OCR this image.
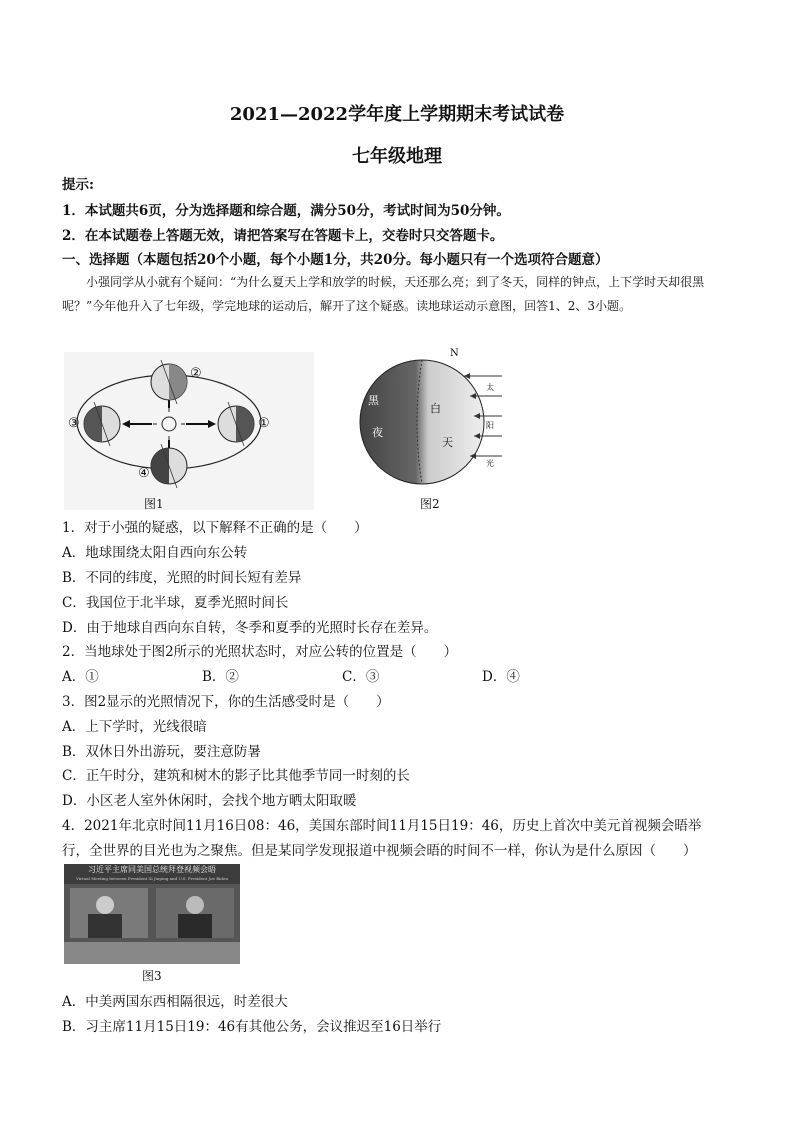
2021—2022学年度上学期期末考试试卷
七年级地理
提示:
1．本试题共6页，分为选择题和综合题，满分50分，考试时间为50分钟。
2．在本试题卷上答题无效，请把答案写在答题卡上，交卷时只交答题卡。
一、选择题（本题包括20个小题，每个小题1分，共20分。每小题只有一个选项符合题意）
小强同学从小就有个疑问：“为什么夏天上学和放学的时候，天还那么亮；到了冬天，同样的钟点，上下学时天却很黑呢？”今年他升入了七年级，学完地球的运动后，解开了这个疑惑。读地球运动示意图，回答1、2、3小题。
③
②
①
④
图1
N
黑
夜
白
天
太
阳
光
图2
1．对于小强的疑惑，以下解释不正确的是（　　）
A．地球围绕太阳自西向东公转
B．不同的纬度，光照的时间长短有差异
C．我国位于北半球，夏季光照时间长
D．由于地球自西向东自转，冬季和夏季的光照时长存在差异。
2．当地球处于图2所示的光照状态时，对应公转的位置是（　　）
A．①	B．②	C．③	D．④
3．图2显示的光照情况下，你的生活感受时是（　　）
A．上下学时，光线很暗
B．双休日外出游玩，要注意防暑
C．正午时分，建筑和树木的影子比其他季节同一时刻的长
D．小区老人室外休闲时，会找个地方晒太阳取暖
4．2021年北京时间11月16日08：46，美国东部时间11月15日19：46，历史上首次中美元首视频会晤举
行，全世界的目光也为之聚焦。但是某同学发现报道中视频会晤的时间不一样，你认为是什么原因（　　）
习近平主席同美国总统拜登视频会晤
Virtual Meeting between President Xi Jinping and U.S. President Joe Biden
图3
A．中美两国东西相隔很远，时差很大
B．习主席11月15日19：46有其他公务，会议推迟至16日举行
